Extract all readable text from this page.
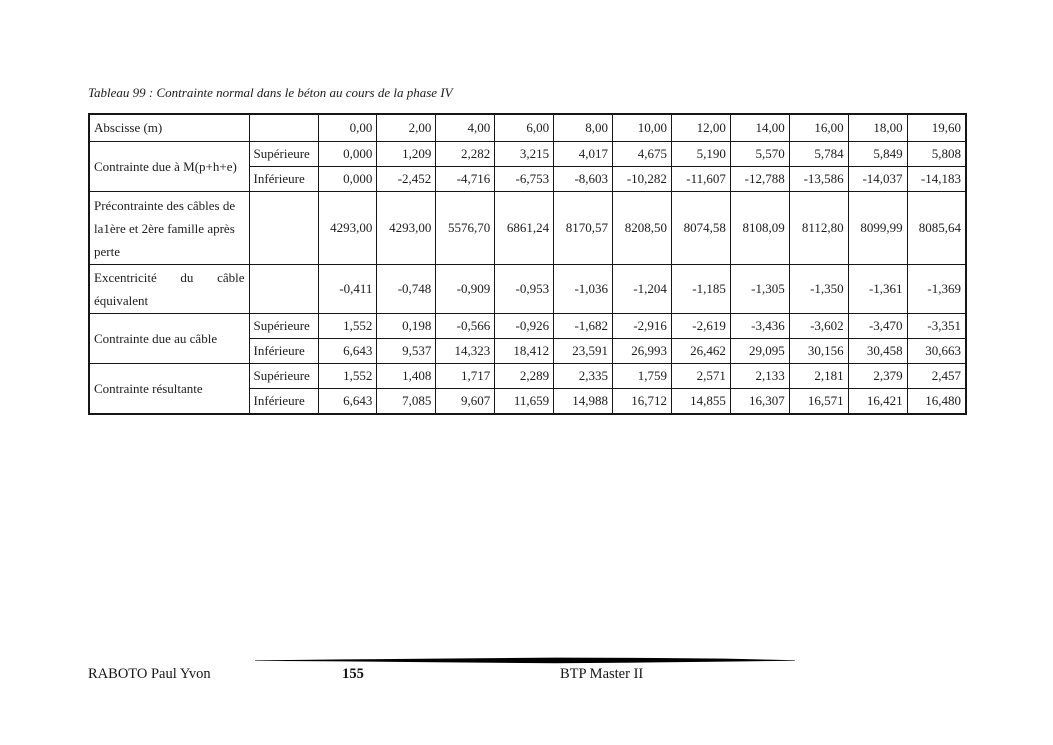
Tableau 99 : Contrainte normal dans le béton au cours de la phase IV
Abscisse (m)		0,00	2,00	4,00	6,00	8,00	10,00	12,00	14,00	16,00	18,00	19,60
Contrainte due à M(p+h+e)	Supérieure	0,000	1,209	2,282	3,215	4,017	4,675	5,190	5,570	5,784	5,849	5,808
	Inférieure	0,000	-2,452	-4,716	-6,753	-8,603	-10,282	-11,607	-12,788	-13,586	-14,037	-14,183
Précontrainte des câbles de la1ère et 2ère famille après perte		4293,00	4293,00	5576,70	6861,24	8170,57	8208,50	8074,58	8108,09	8112,80	8099,99	8085,64
Excentricité du câble équivalent		-0,411	-0,748	-0,909	-0,953	-1,036	-1,204	-1,185	-1,305	-1,350	-1,361	-1,369
Contrainte due au câble	Supérieure	1,552	0,198	-0,566	-0,926	-1,682	-2,916	-2,619	-3,436	-3,602	-3,470	-3,351
	Inférieure	6,643	9,537	14,323	18,412	23,591	26,993	26,462	29,095	30,156	30,458	30,663
Contrainte résultante	Supérieure	1,552	1,408	1,717	2,289	2,335	1,759	2,571	2,133	2,181	2,379	2,457
	Inférieure	6,643	7,085	9,607	11,659	14,988	16,712	14,855	16,307	16,571	16,421	16,480
RABOTO Paul Yvon	155	BTP Master II
